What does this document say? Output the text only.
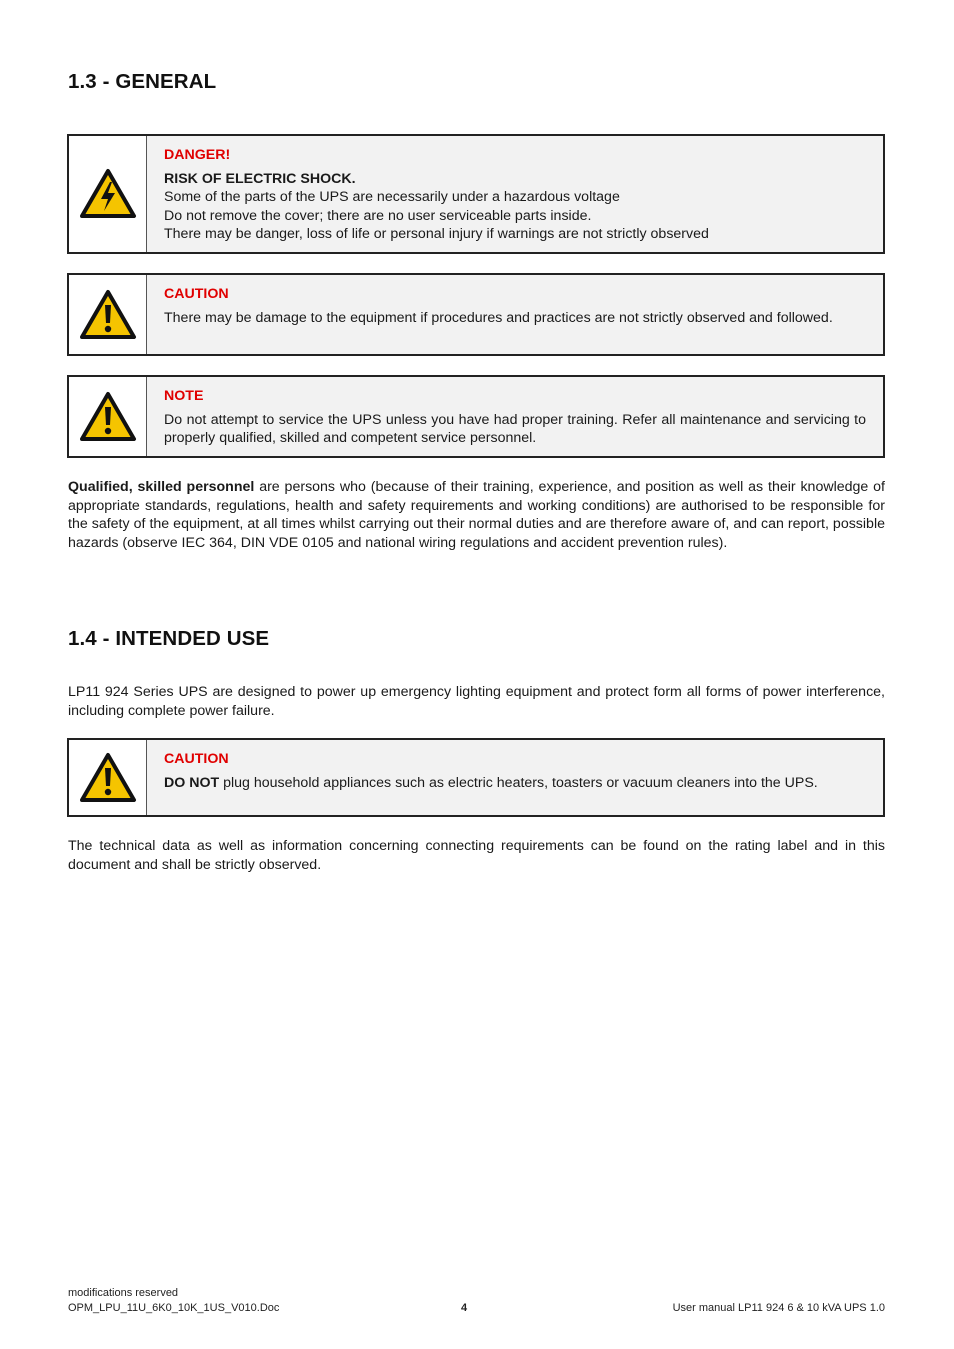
1.3 - GENERAL
DANGER!
RISK OF ELECTRIC SHOCK.
Some of the parts of the UPS are necessarily under a hazardous voltage
Do not remove the cover; there are no user serviceable parts inside.
There may be danger, loss of life or personal injury if warnings are not strictly observed
CAUTION
There may be damage to the equipment if procedures and practices are not strictly observed and followed.
NOTE
Do not attempt to service the UPS unless you have had proper training. Refer all maintenance and servicing to properly qualified, skilled and competent service personnel.

Qualified, skilled personnel are persons who (because of their training, experience, and position as well as their knowledge of appropriate standards, regulations, health and safety requirements and working conditions) are authorised to be responsible for the safety of the equipment, at all times whilst carrying out their normal duties and are therefore aware of, and can report, possible hazards (observe IEC 364, DIN VDE 0105 and national wiring regulations and accident prevention rules).

1.4 - INTENDED USE

LP11 924 Series UPS are designed to power up emergency lighting equipment and protect form all forms of power interference, including complete power failure.

CAUTION
DO NOT plug household appliances such as electric heaters, toasters or vacuum cleaners into the UPS.

The technical data as well as information concerning connecting requirements can be found on the rating label and in this document and shall be strictly observed.

modifications reserved
OPM_LPU_11U_6K0_10K_1US_V010.Doc	4	User manual LP11 924 6 & 10 kVA UPS 1.0
